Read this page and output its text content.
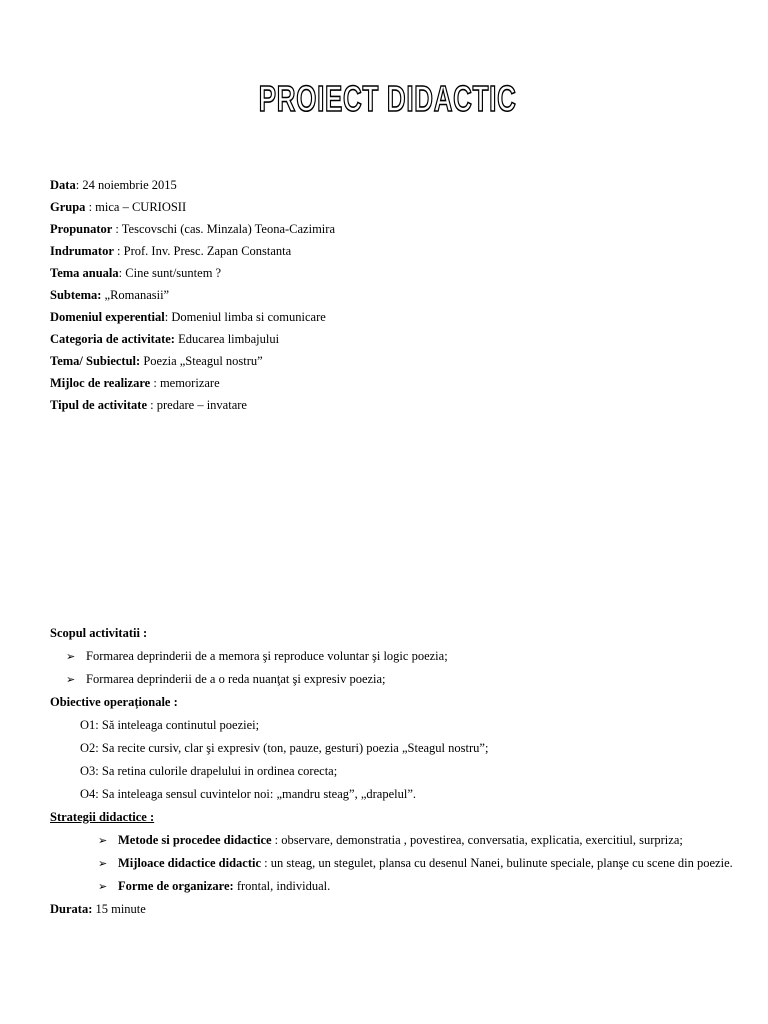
PROIECT DIDACTIC
Data: 24 noiembrie 2015
Grupa : mica – CURIOSII
Propunator : Tescovschi (cas. Minzala) Teona-Cazimira
Indrumator : Prof. Inv. Presc. Zapan Constanta
Tema anuala: Cine sunt/suntem ?
Subtema: „Romanasii”
Domeniul experential: Domeniul limba si comunicare
Categoria de activitate: Educarea limbajului
Tema/ Subiectul: Poezia „Steagul nostru”
Mijloc de realizare : memorizare
Tipul de activitate : predare – invatare
Scopul activitatii :
➢ Formarea deprinderii de a memora şi reproduce voluntar şi logic poezia;
➢ Formarea deprinderii de a o reda nuanţat şi expresiv poezia;
Obiective operaționale :
O1: Să inteleaga continutul poeziei;
O2: Sa recite cursiv, clar şi expresiv (ton, pauze, gesturi) poezia „Steagul nostru”;
O3: Sa retina culorile drapelului in ordinea corecta;
O4: Sa inteleaga sensul cuvintelor noi: „mandru steag”, „drapelul”.
Strategii didactice :
➢ Metode si procedee didactice : observare, demonstratia , povestirea, conversatia, explicatia, exercitiul, surpriza;
➢ Mijloace didactice didactic : un steag, un stegulet, plansa cu desenul Nanei, bulinute speciale, planşe cu scene din poezie.
➢ Forme de organizare: frontal, individual.
Durata: 15 minute
